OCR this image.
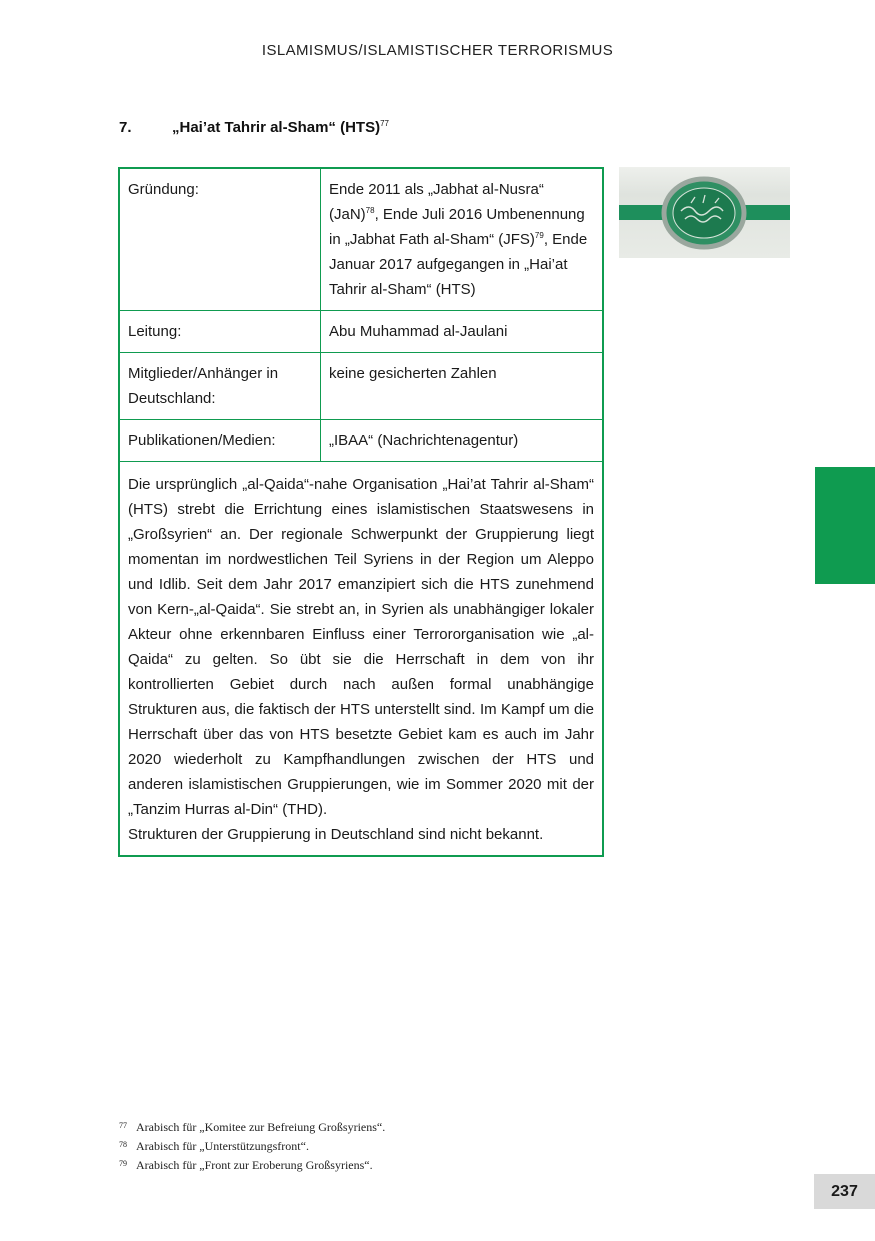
ISLAMISMUS/ISLAMISTISCHER TERRORISMUS
7.	„Hai’at Tahrir al-Sham“ (HTS)$^{77}$
Gründung:	Ende 2011 als „Jabhat al-Nusra“ (JaN)$^{78}$, Ende Juli 2016 Umbenennung in „Jabhat Fath al-Sham“ (JFS)$^{79}$, Ende Januar 2017 aufgegangen in „Hai’at Tahrir al-Sham“ (HTS)
Leitung:	Abu Muhammad al-Jaulani
Mitglieder/Anhänger in Deutschland:	keine gesicherten Zahlen
Publikationen/Medien:	„IBAA“ (Nachrichtenagentur)

Die ursprünglich „al-Qaida“-nahe Organisation „Hai’at Tahrir al-Sham“ (HTS) strebt die Errichtung eines islamistischen Staatswesens in „Großsyrien“ an. Der regionale Schwerpunkt der Gruppierung liegt momentan im nordwestlichen Teil Syriens in der Region um Aleppo und Idlib. Seit dem Jahr 2017 emanzipiert sich die HTS zunehmend von Kern-„al-Qaida“. Sie strebt an, in Syrien als unabhängiger lokaler Akteur ohne erkennbaren Einfluss einer Terrororganisation wie „al-Qaida“ zu gelten. So übt sie die Herrschaft in dem von ihr kontrollierten Gebiet durch nach außen formal unabhängige Strukturen aus, die faktisch der HTS unterstellt sind. Im Kampf um die Herrschaft über das von HTS besetzte Gebiet kam es auch im Jahr 2020 wiederholt zu Kampfhandlungen zwischen der HTS und anderen islamistischen Gruppierungen, wie im Sommer 2020 mit der „Tanzim Hurras al-Din“ (THD).

Strukturen der Gruppierung in Deutschland sind nicht bekannt.	

77 Arabisch für „Komitee zur Befreiung Großsyriens“.
78 Arabisch für „Unterstützungsfront“.
79 Arabisch für „Front zur Eroberung Großsyriens“.
237
